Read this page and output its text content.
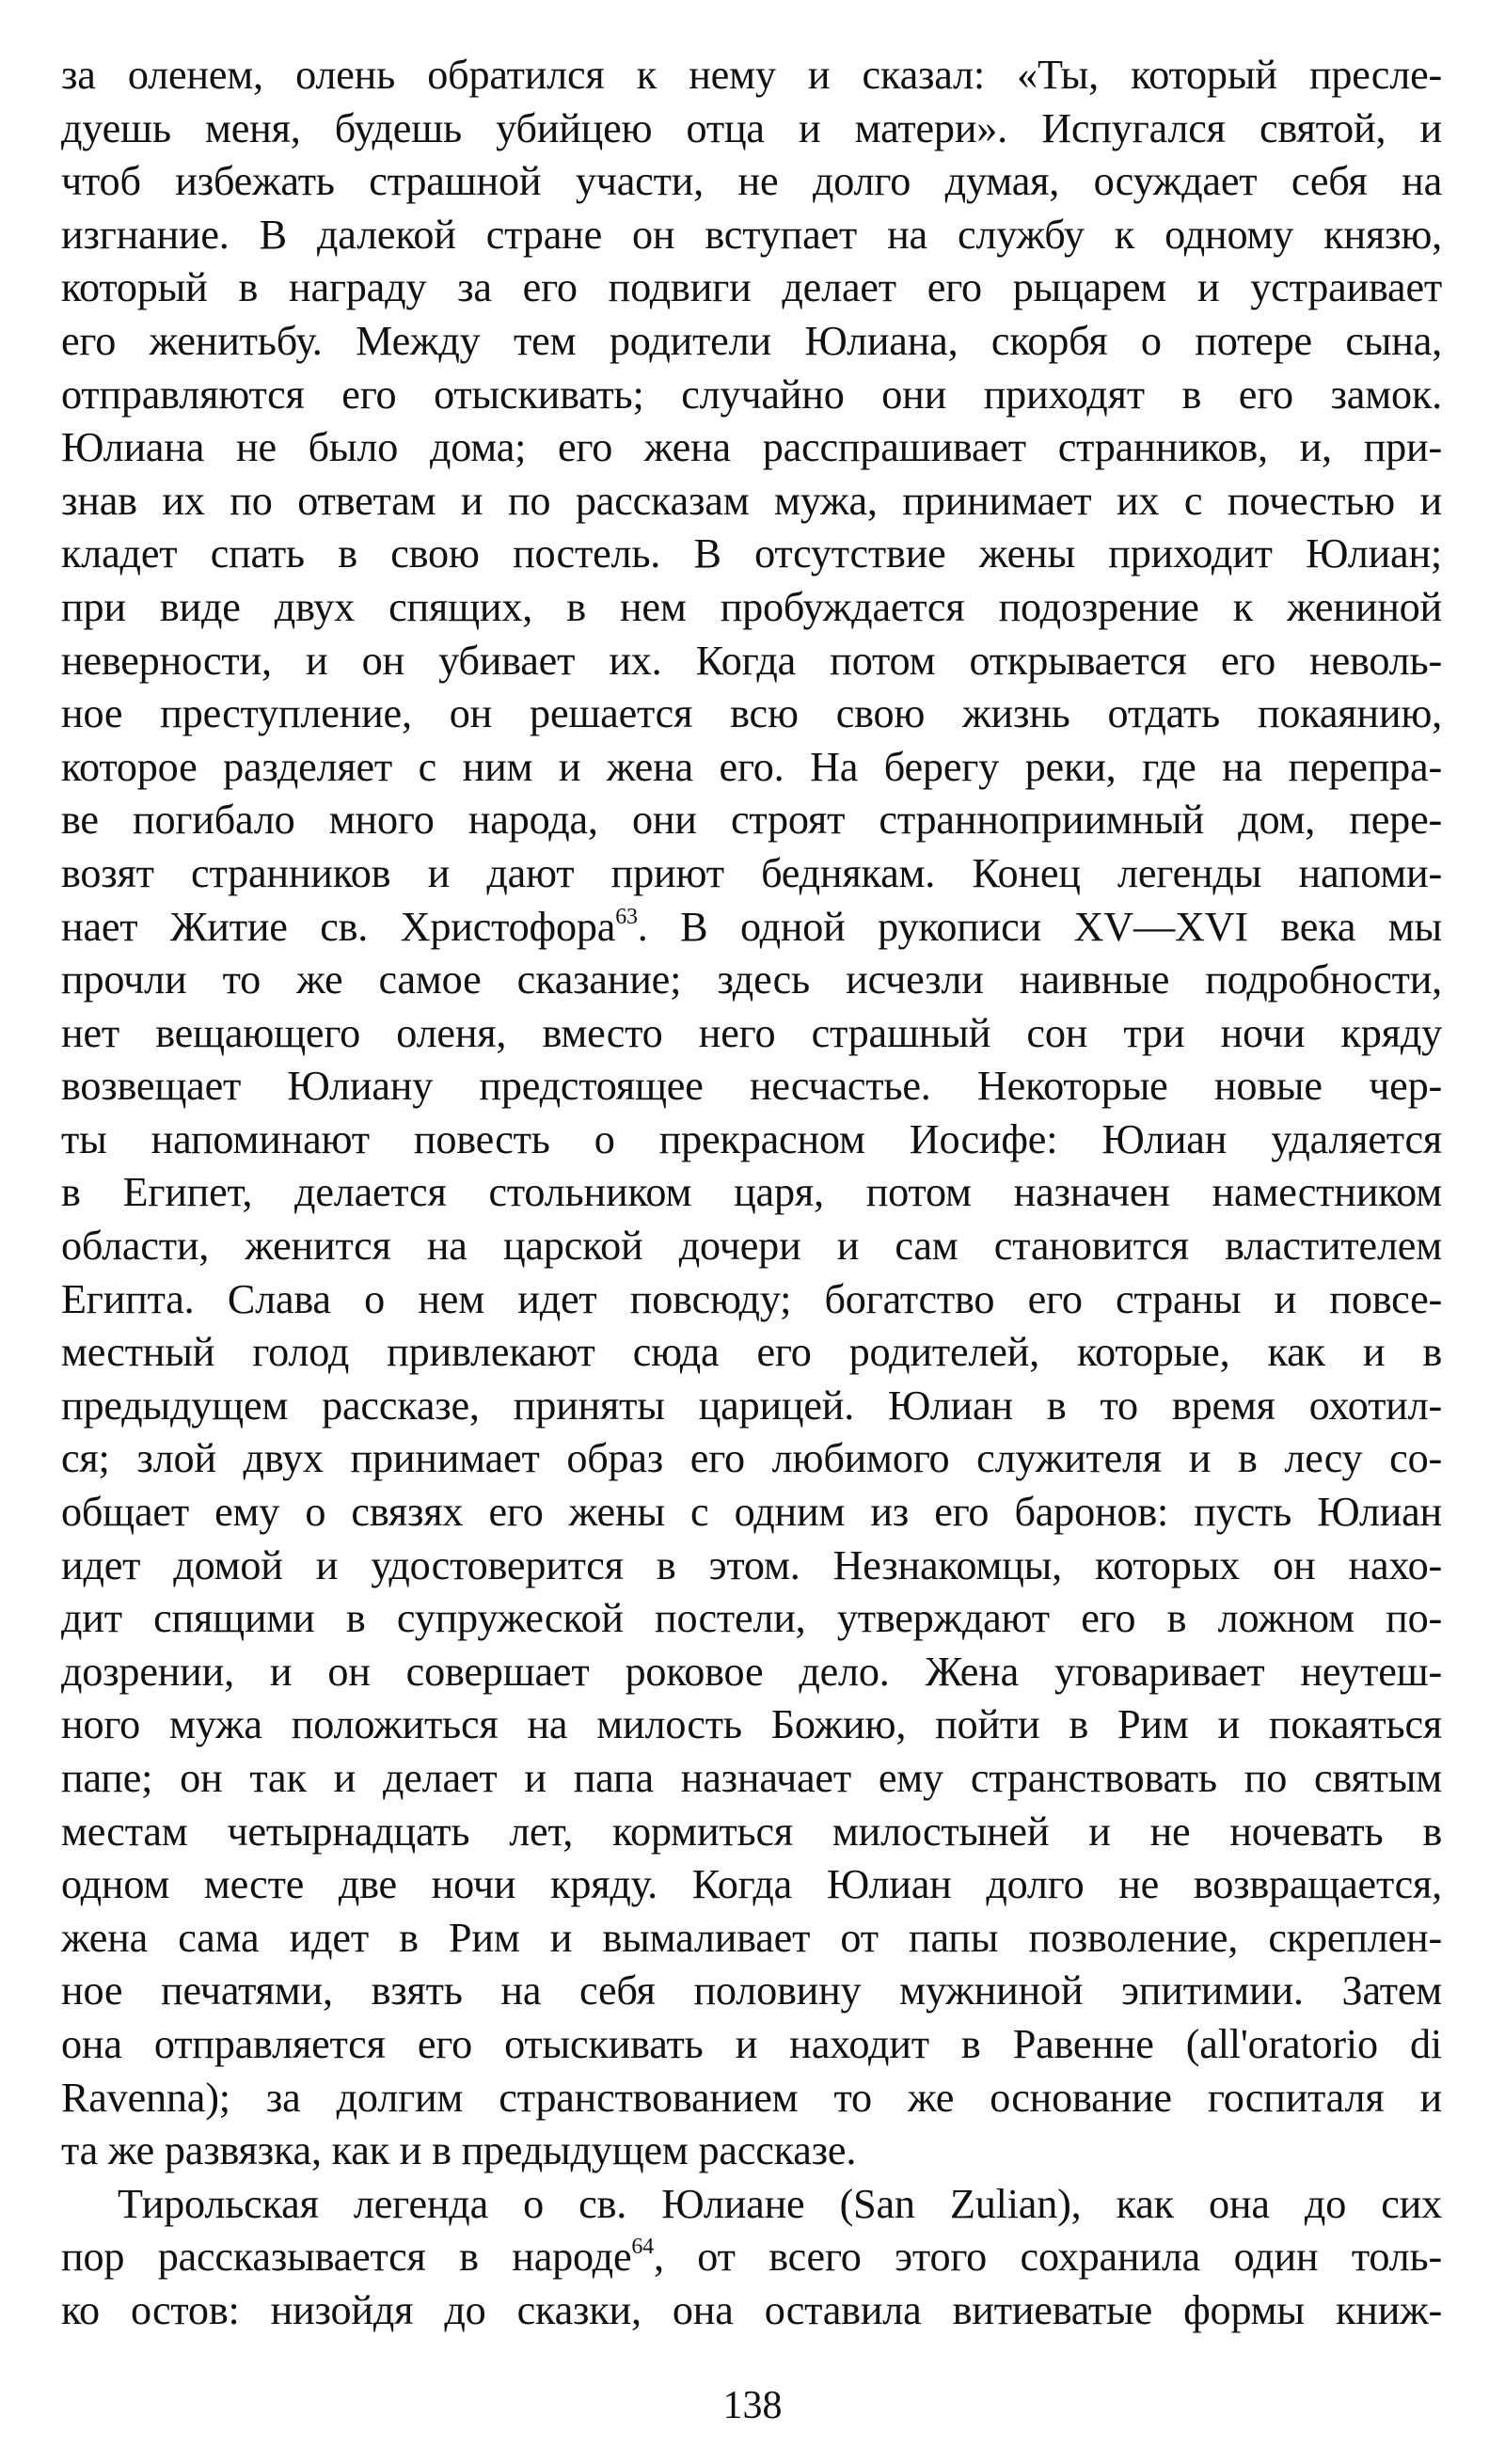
за оленем, олень обратился к нему и сказал: «Ты, который пресле-
дуешь меня, будешь убийцею отца и матери». Испугался святой, и
чтоб избежать страшной участи, не долго думая, осуждает себя на
изгнание. В далекой стране он вступает на службу к одному князю,
который в награду за его подвиги делает его рыцарем и устраивает
его женитьбу. Между тем родители Юлиана, скорбя о потере сына,
отправляются его отыскивать; случайно они приходят в его замок.
Юлиана не было дома; его жена расспрашивает странников, и, при-
знав их по ответам и по рассказам мужа, принимает их с почестью и
кладет спать в свою постель. В отсутствие жены приходит Юлиан;
при виде двух спящих, в нем пробуждается подозрение к жениной
неверности, и он убивает их. Когда потом открывается его неволь-
ное преступление, он решается всю свою жизнь отдать покаянию,
которое разделяет с ним и жена его. На берегу реки, где на перепра-
ве погибало много народа, они строят странноприимный дом, пере-
возят странников и дают приют беднякам. Конец легенды напоми-
нает Житие св. Христофора$^{63}$. В одной рукописи XV—XVI века мы
прочли то же самое сказание; здесь исчезли наивные подробности,
нет вещающего оленя, вместо него страшный сон три ночи кряду
возвещает Юлиану предстоящее несчастье. Некоторые новые чер-
ты напоминают повесть о прекрасном Иосифе: Юлиан удаляется
в Египет, делается стольником царя, потом назначен наместником
области, женится на царской дочери и сам становится властителем
Египта. Слава о нем идет повсюду; богатство его страны и повсе-
местный голод привлекают сюда его родителей, которые, как и в
предыдущем рассказе, приняты царицей. Юлиан в то время охотил-
ся; злой двух принимает образ его любимого служителя и в лесу со-
общает ему о связях его жены с одним из его баронов: пусть Юлиан
идет домой и удостоверится в этом. Незнакомцы, которых он нахо-
дит спящими в супружеской постели, утверждают его в ложном по-
дозрении, и он совершает роковое дело. Жена уговаривает неутеш-
ного мужа положиться на милость Божию, пойти в Рим и покаяться
папе; он так и делает и папа назначает ему странствовать по святым
местам четырнадцать лет, кормиться милостыней и не ночевать в
одном месте две ночи кряду. Когда Юлиан долго не возвращается,
жена сама идет в Рим и вымаливает от папы позволение, скреплен-
ное печатями, взять на себя половину мужниной эпитимии. Затем
она отправляется его отыскивать и находит в Равенне (all'oratorio di
Ravenna); за долгим странствованием то же основание госпиталя и
та же развязка, как и в предыдущем рассказе.
Тирольская легенда о св. Юлиане (San Zulian), как она до сих
пор рассказывается в народе$^{64}$, от всего этого сохранила один толь-
ко остов: низойдя до сказки, она оставила витиеватые формы книж-
138
